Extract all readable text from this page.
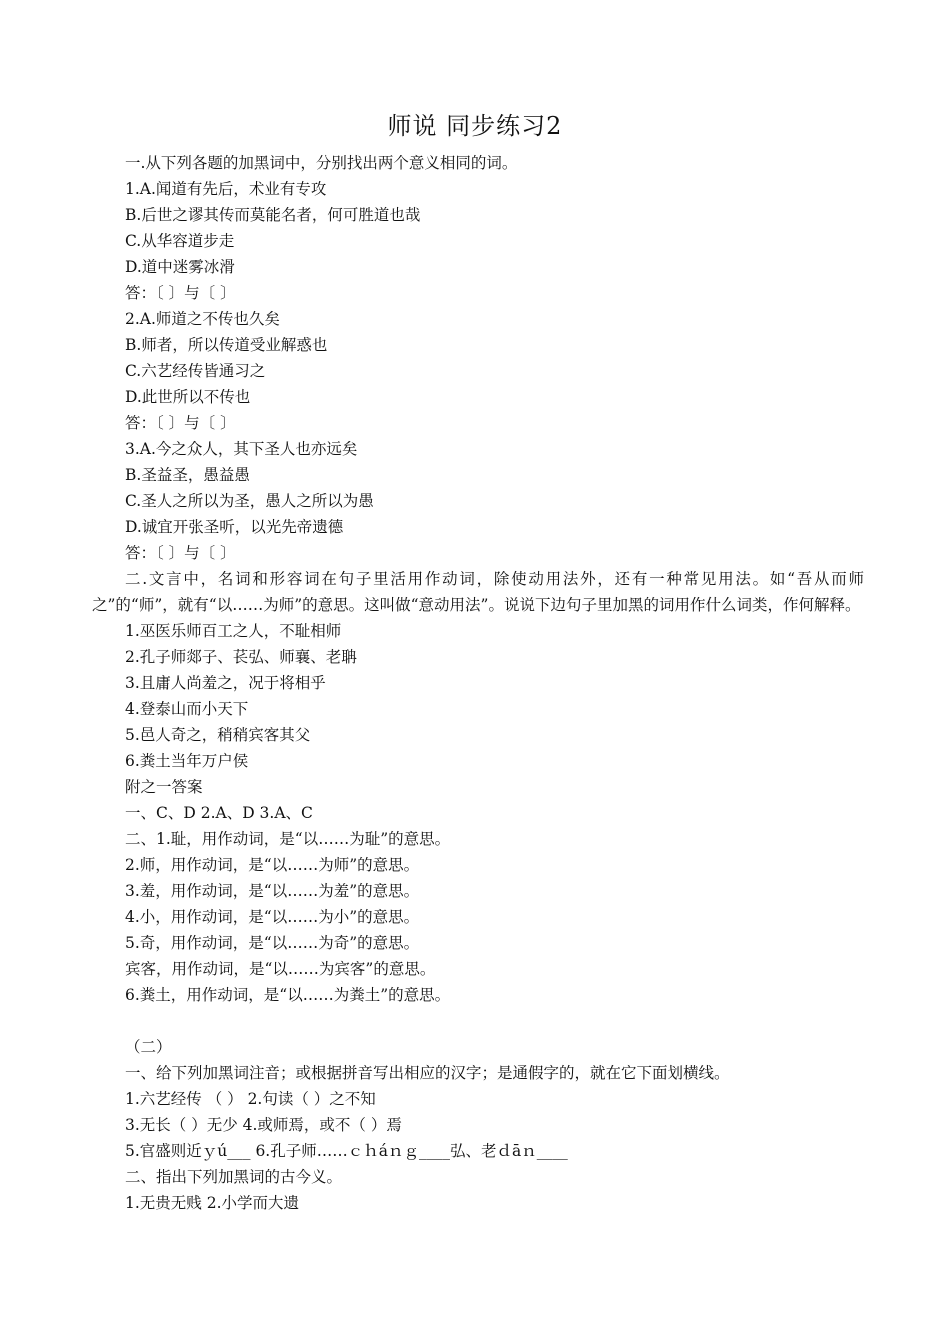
师说 同步练习2
一.从下列各题的加黑词中，分别找出两个意义相同的词。
1.A.闻道有先后，术业有专攻
B.后世之谬其传而莫能名者，何可胜道也哉
C.从华容道步走
D.道中迷雾冰滑
答：〔 〕与〔 〕
2.A.师道之不传也久矣
B.师者，所以传道受业解惑也
C.六艺经传皆通习之
D.此世所以不传也
答：〔 〕与〔 〕
3.A.今之众人，其下圣人也亦远矣
B.圣益圣，愚益愚
C.圣人之所以为圣，愚人之所以为愚
D.诚宜开张圣听，以光先帝遗德
答：〔 〕与〔 〕
二.文言中，名词和形容词在句子里活用作动词，除使动用法外，还有一种常见用法。如“吾从而师之”的“师”，就有“以……为师”的意思。这叫做“意动用法”。说说下边句子里加黑的词用作什么词类，作何解释。
1.巫医乐师百工之人，不耻相师
2.孔子师郯子、苌弘、师襄、老聃
3.且庸人尚羞之，况于将相乎
4.登泰山而小天下
5.邑人奇之，稍稍宾客其父
6.粪土当年万户侯
附之一答案
一、C、D 2.A、D 3.A、C
二、1.耻，用作动词，是“以……为耻”的意思。
2.师，用作动词，是“以……为师”的意思。
3.羞，用作动词，是“以……为羞”的意思。
4.小，用作动词，是“以……为小”的意思。
5.奇，用作动词，是“以……为奇”的意思。
宾客，用作动词，是“以……为宾客”的意思。
6.粪土，用作动词，是“以……为粪土”的意思。
（二）
一、给下列加黑词注音；或根据拼音写出相应的汉字；是通假字的，就在它下面划横线。
1.六艺经传 （ ） 2.句读（ ）之不知
3.无长（ ）无少 4.或师焉，或不（ ）焉
5.官盛则近ｙú___ 6.孔子师……ｃｈáｎｇ____弘、老ｄāｎ____
二、指出下列加黑词的古今义。
1.无贵无贱 2.小学而大遗
